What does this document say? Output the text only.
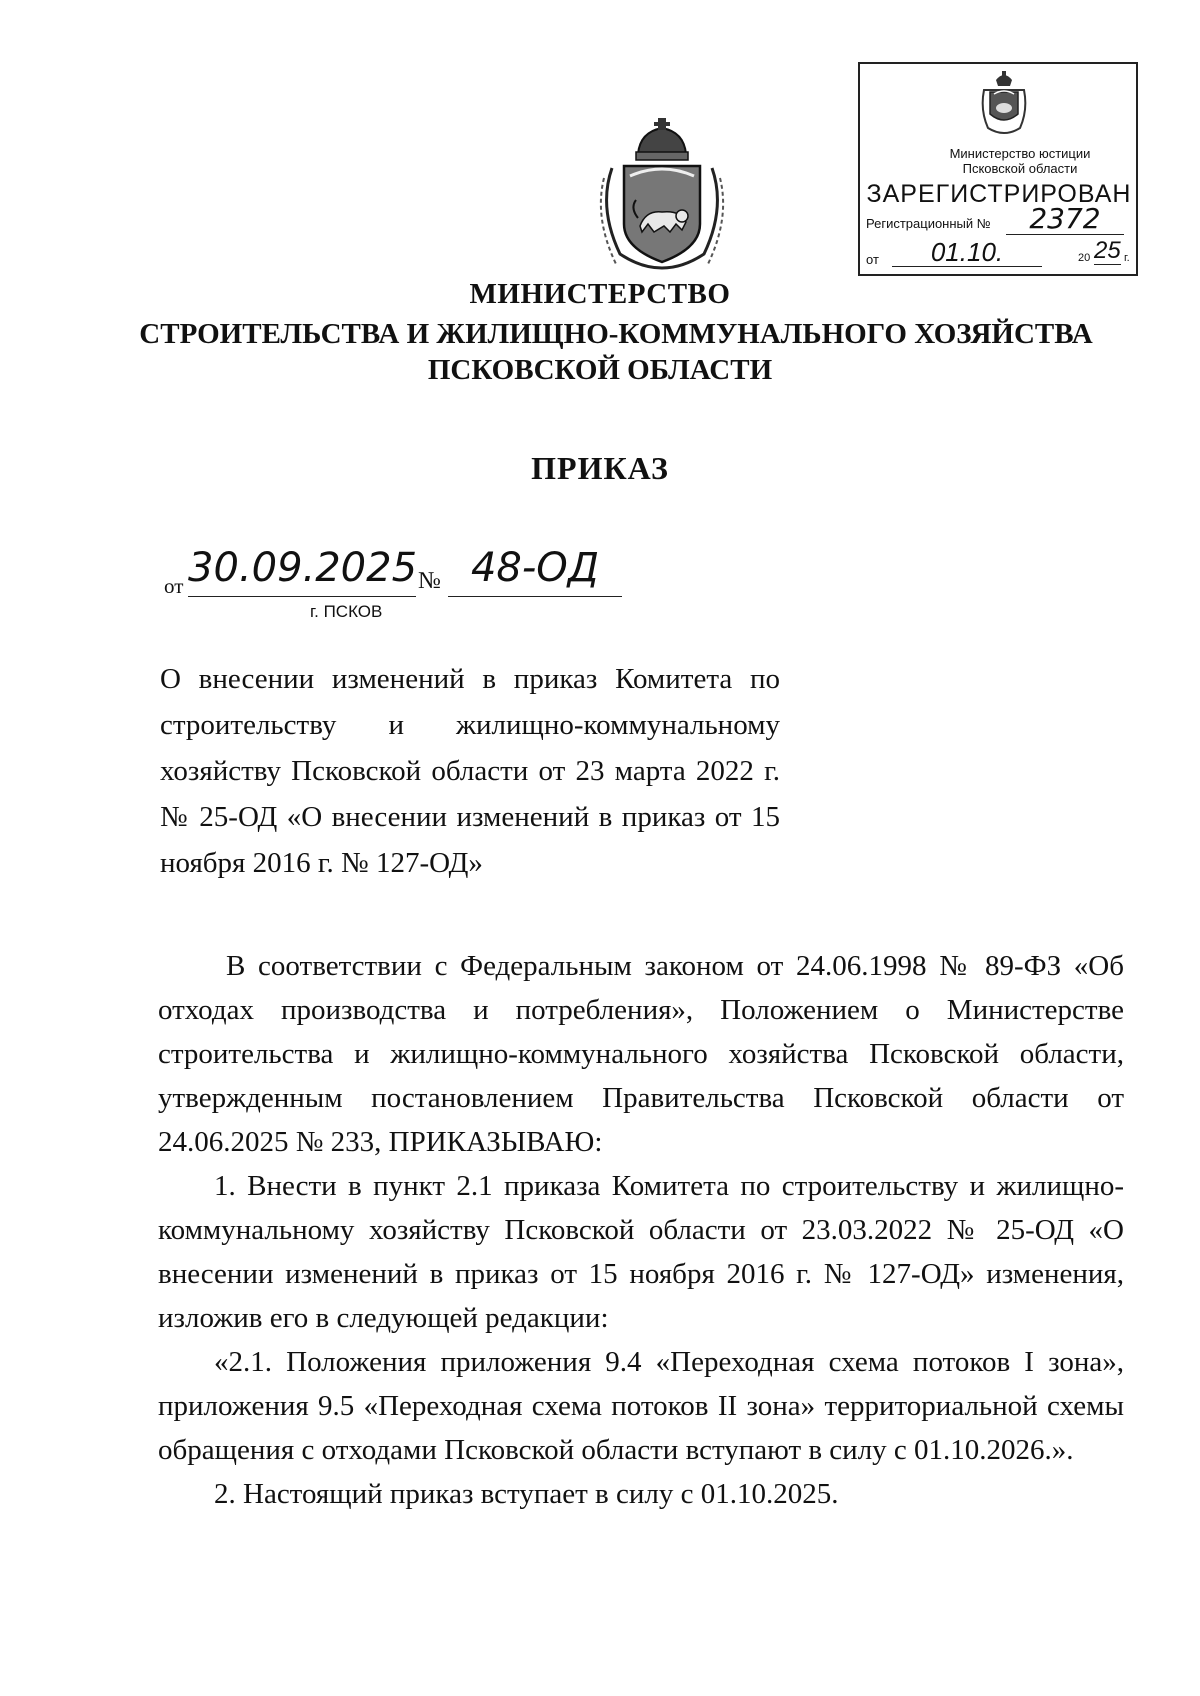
Министерство юстиции
Псковской области
ЗАРЕГИСТРИРОВАН
Регистрационный №	2372
от	01.10.	20 25 г.
МИНИСТЕРСТВО
СТРОИТЕЛЬСТВА И ЖИЛИЩНО-КОММУНАЛЬНОГО ХОЗЯЙСТВА
ПСКОВСКОЙ ОБЛАСТИ
ПРИКАЗ
от 30.09.2025 № 48-ОД
г. ПСКОВ
О внесении изменений в приказ Комитета по строительству и жилищно-коммунальному хозяйству Псковской области от 23 марта 2022 г. № 25-ОД «О внесении изменений в приказ от 15 ноября 2016 г. № 127-ОД»

В соответствии с Федеральным законом от 24.06.1998 № 89-ФЗ «Об отходах производства и потребления», Положением о Министерстве строительства и жилищно-коммунального хозяйства Псковской области, утвержденным постановлением Правительства Псковской области от 24.06.2025 № 233, ПРИКАЗЫВАЮ:

1. Внести в пункт 2.1 приказа Комитета по строительству и жилищно-коммунальному хозяйству Псковской области от 23.03.2022 № 25-ОД «О внесении изменений в приказ от 15 ноября 2016 г. № 127-ОД» изменения, изложив его в следующей редакции:

«2.1. Положения приложения 9.4 «Переходная схема потоков I зона», приложения 9.5 «Переходная схема потоков II зона» территориальной схемы обращения с отходами Псковской области вступают в силу с 01.10.2026.».

2. Настоящий приказ вступает в силу с 01.10.2025.
